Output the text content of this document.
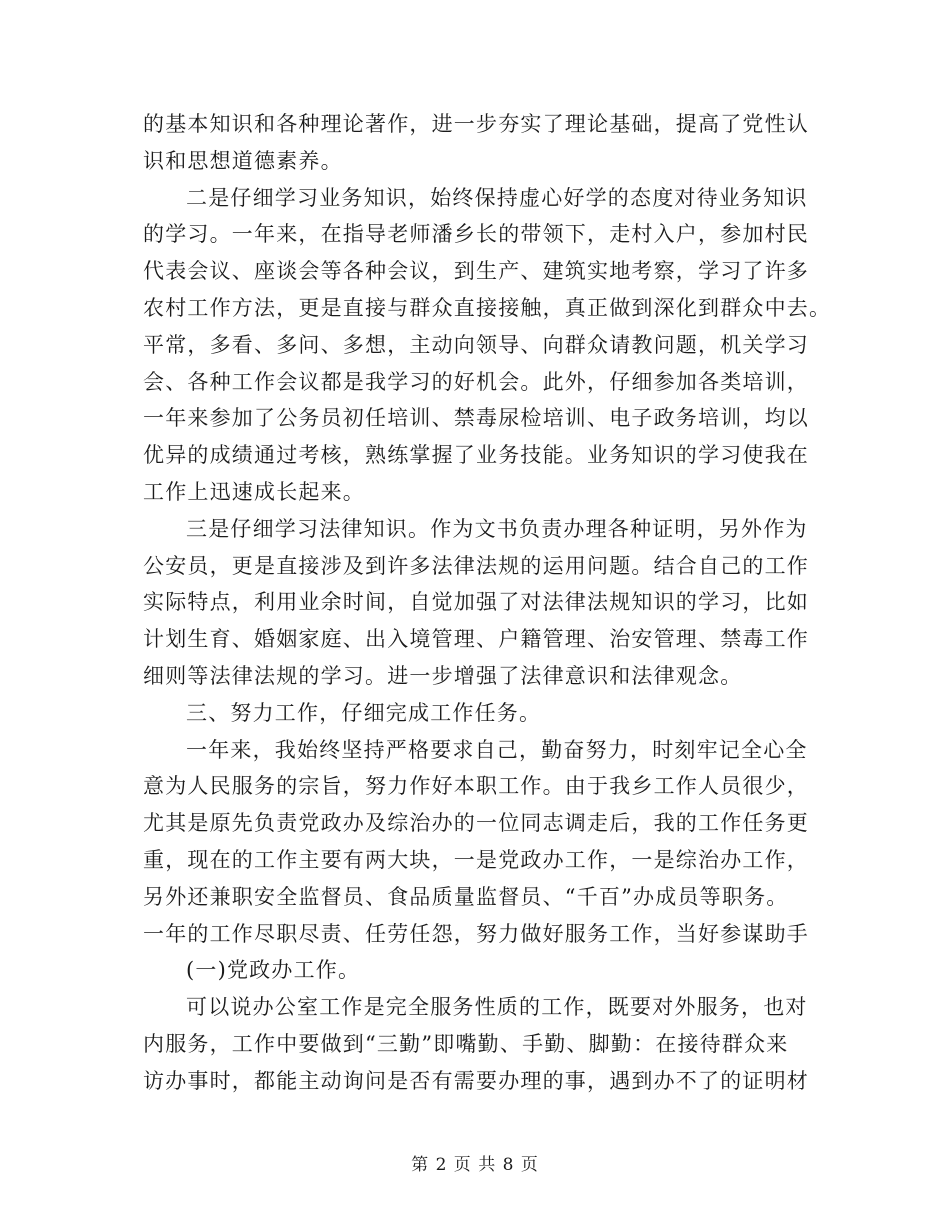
的基本知识和各种理论著作，进一步夯实了理论基础，提高了党性认
识和思想道德素养。
二是仔细学习业务知识，始终保持虚心好学的态度对待业务知识
的学习。一年来，在指导老师潘乡长的带领下，走村入户，参加村民
代表会议、座谈会等各种会议，到生产、建筑实地考察，学习了许多
农村工作方法，更是直接与群众直接接触，真正做到深化到群众中去。
平常，多看、多问、多想，主动向领导、向群众请教问题，机关学习
会、各种工作会议都是我学习的好机会。此外，仔细参加各类培训，
一年来参加了公务员初任培训、禁毒尿检培训、电子政务培训，均以
优异的成绩通过考核，熟练掌握了业务技能。业务知识的学习使我在
工作上迅速成长起来。
三是仔细学习法律知识。作为文书负责办理各种证明，另外作为
公安员，更是直接涉及到许多法律法规的运用问题。结合自己的工作
实际特点，利用业余时间，自觉加强了对法律法规知识的学习，比如
计划生育、婚姻家庭、出入境管理、户籍管理、治安管理、禁毒工作
细则等法律法规的学习。进一步增强了法律意识和法律观念。
三、努力工作，仔细完成工作任务。
一年来，我始终坚持严格要求自己，勤奋努力，时刻牢记全心全
意为人民服务的宗旨，努力作好本职工作。由于我乡工作人员很少，
尤其是原先负责党政办及综治办的一位同志调走后，我的工作任务更
重，现在的工作主要有两大块，一是党政办工作，一是综治办工作，
另外还兼职安全监督员、食品质量监督员、“千百”办成员等职务。
一年的工作尽职尽责、任劳任怨，努力做好服务工作，当好参谋助手
(一)党政办工作。
可以说办公室工作是完全服务性质的工作，既要对外服务，也对
内服务，工作中要做到“三勤”即嘴勤、手勤、脚勤：在接待群众来
访办事时，都能主动询问是否有需要办理的事，遇到办不了的证明材
第 2 页 共 8 页
